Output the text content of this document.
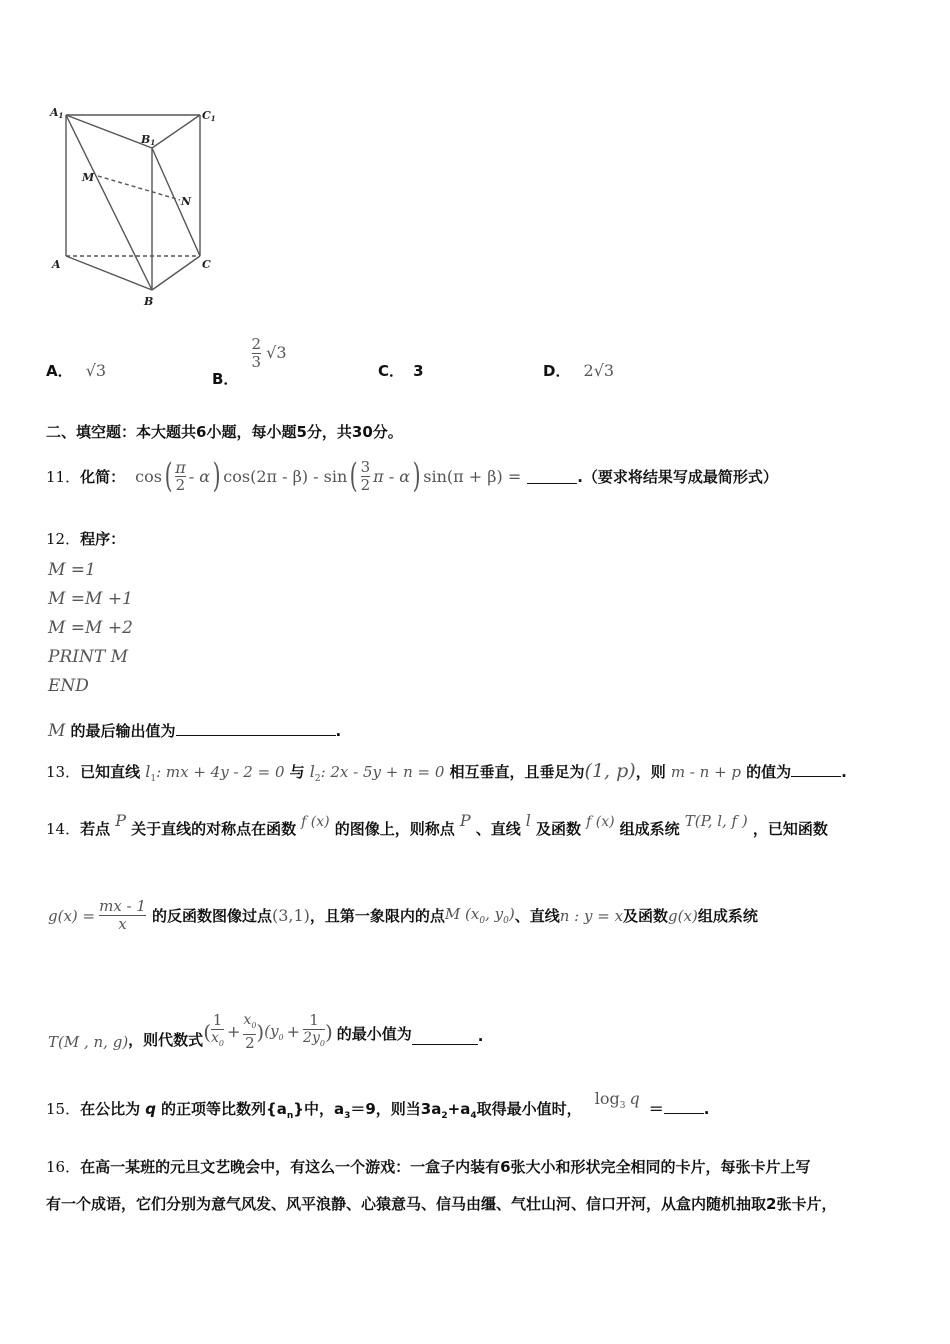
A1	C1
B1
M
N
A	C
B
A． √3	B．
$\frac{2}{3} √3$
C． 3	D． 2√3
二、填空题：本大题共6小题，每小题5分，共30分。
11． 化简： cos ( $\frac{\pi}{2}$ - α ) cos(2π - β) - sin ( $\frac{3}{2}$ π - α ) sin(π + β) =	.（要求将结果写成最简形式）
12．程序：
M =1
M =M +1
M =M +2
PRINT M
END
M 的最后输出值为	.
13．已知直线 $l_1$: mx + 4y - 2 = 0 与 $l_2$: 2x - 5y + n = 0 相互垂直，且垂足为(1, p)，则 m - n + p 的值为	.
14．若点 P 关于直线的对称点在函数 f (x) 的图像上，则称点 P 、直线 l 及函数 f (x) 组成系统 T(P, l, f ) ，已知函数
$g(x) = \frac{mx - 1}{x}$ 的反函数图像过点 (3,1) ，且第一象限内的点 M ($x_0$, $y_0$) 、直线 n : y = x 及函数 g(x) 组成系统
T(M , n, g) ，则代数式 ( $\frac{1}{x_0} + \frac{x_0}{2}$ ) ($y_0 + \frac{1}{2y_0}$ ) 的最小值为	.
15．在公比为 q 的正项等比数列$\{a_n\}$中，$a_3=9$，则当$3a_2+a_4$取得最小值时， $\log_3 q$ ＝	.
16．在高一某班的元旦文艺晚会中，有这么一个游戏：一盒子内装有6张大小和形状完全相同的卡片，每张卡片上写
有一个成语，它们分别为意气风发、风平浪静、心猿意马、信马由缰、气壮山河、信口开河，从盒内随机抽取2张卡片，
